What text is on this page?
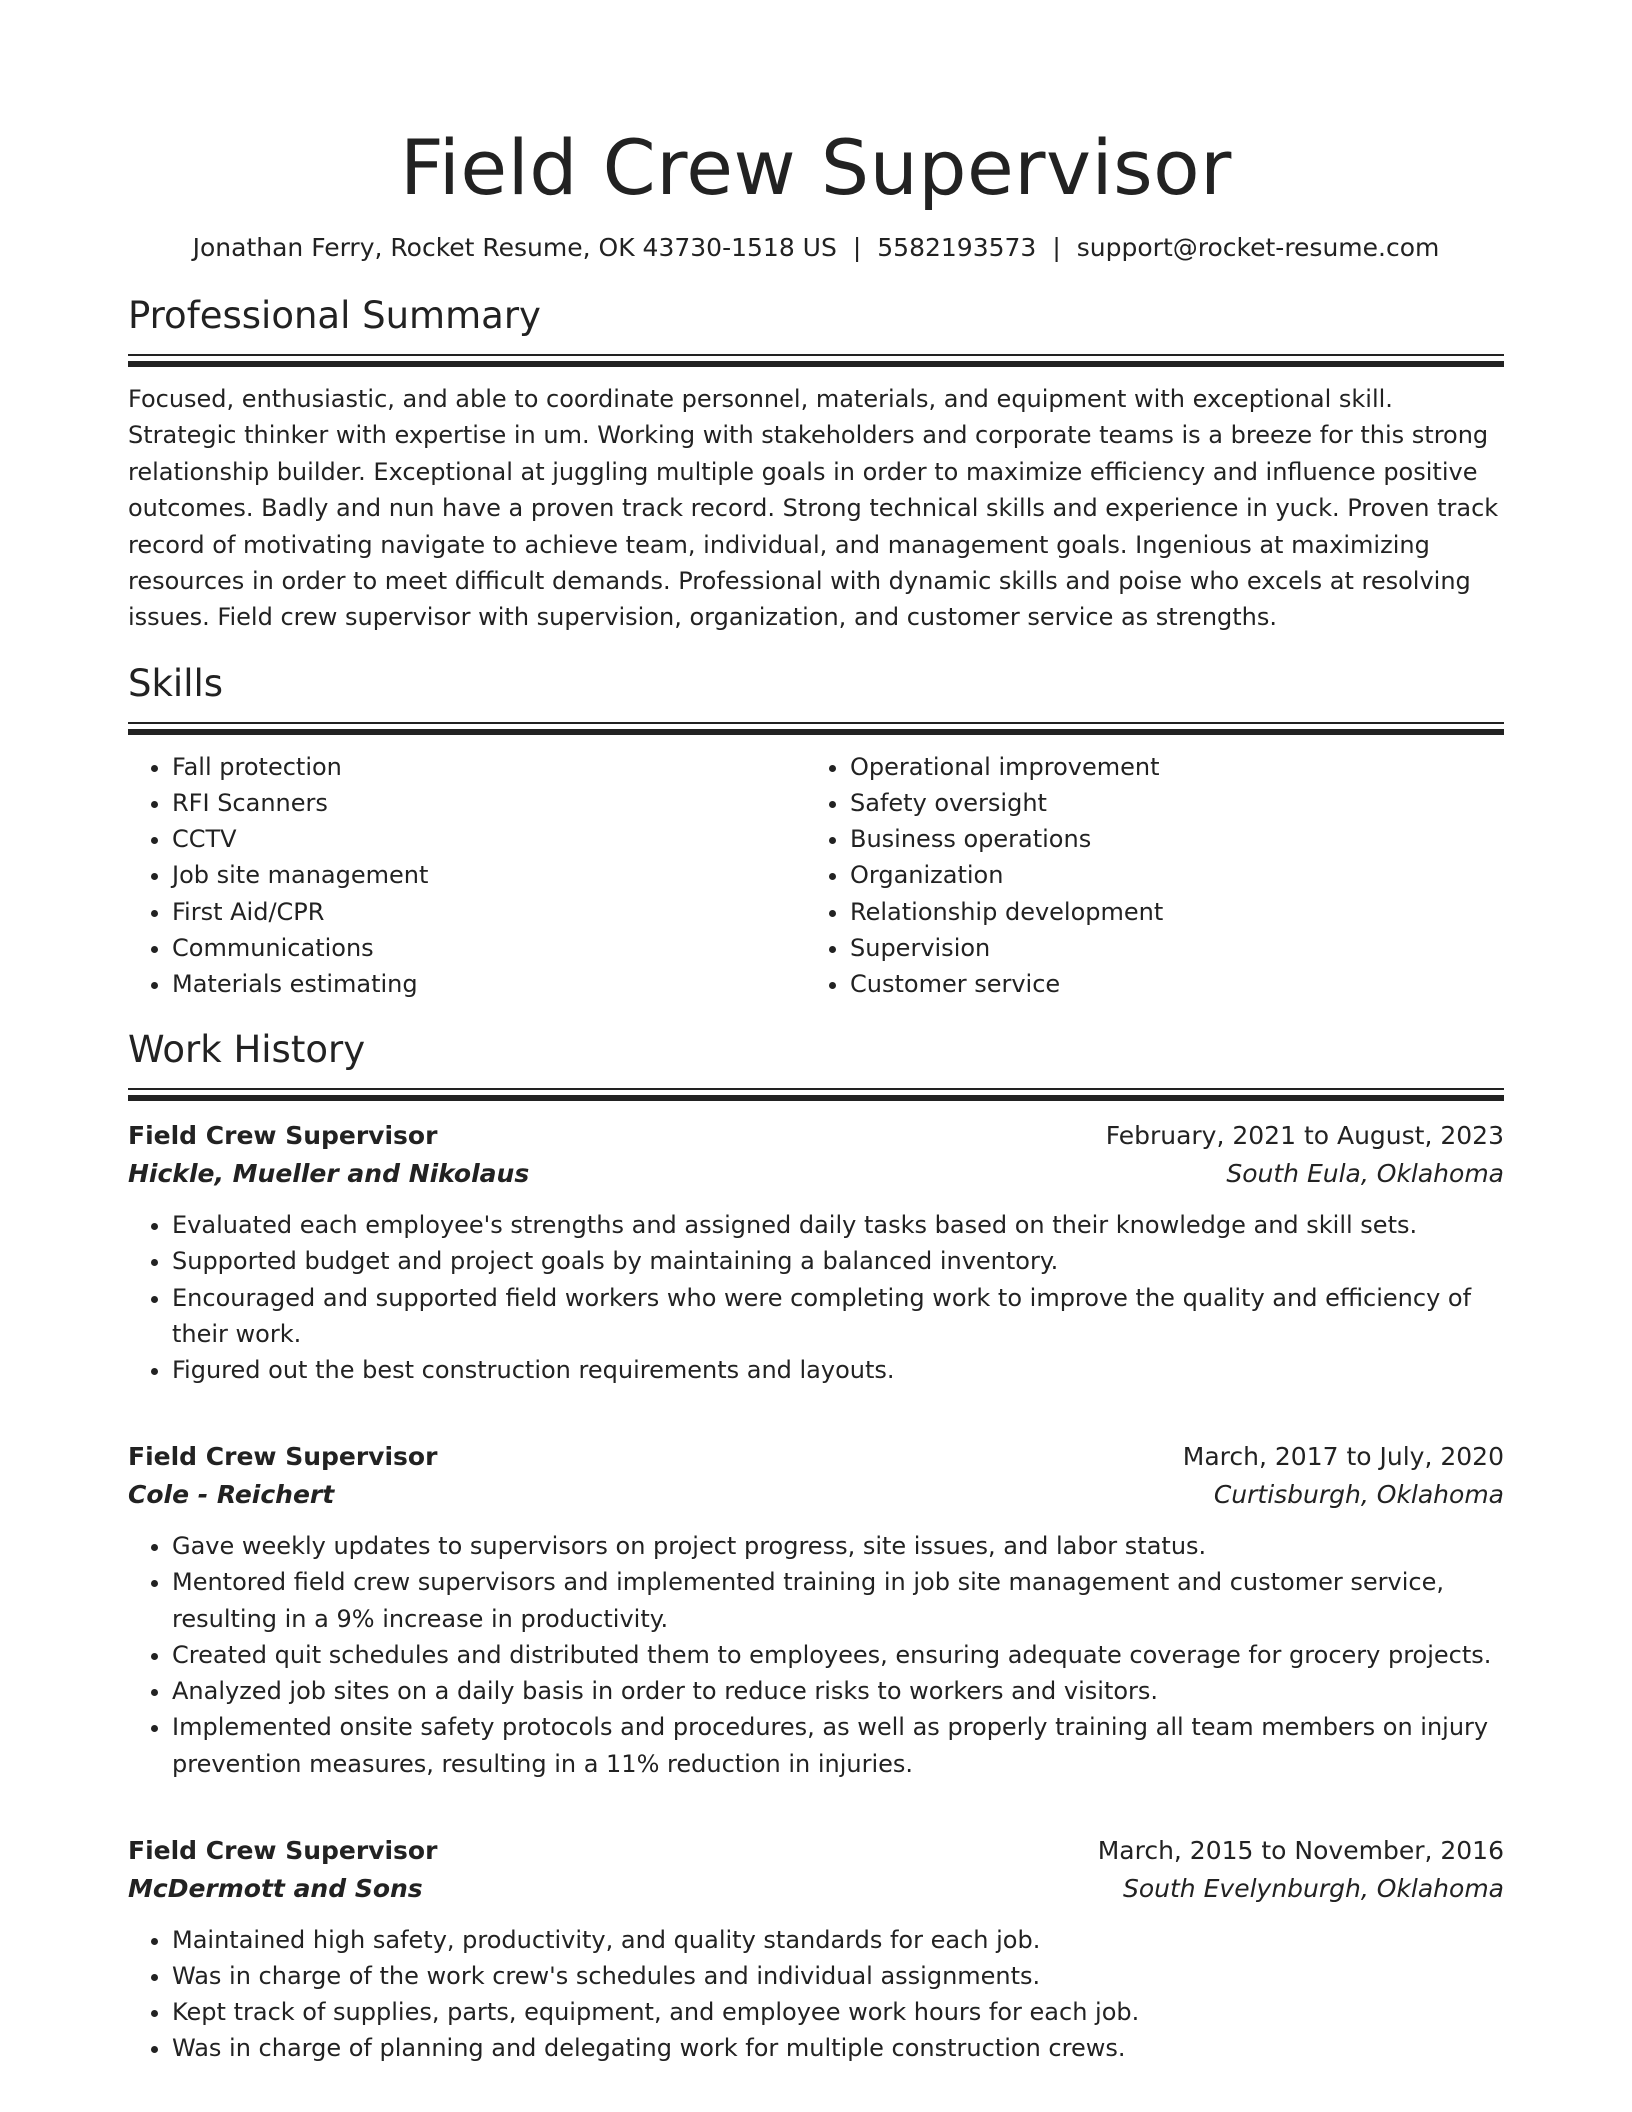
Field Crew Supervisor
Jonathan Ferry, Rocket Resume, OK 43730-1518 US | 5582193573 | support@rocket-resume.com
Professional Summary

Focused, enthusiastic, and able to coordinate personnel, materials, and equipment with exceptional skill. Strategic thinker with expertise in um. Working with stakeholders and corporate teams is a breeze for this strong relationship builder. Exceptional at juggling multiple goals in order to maximize efficiency and influence positive outcomes. Badly and nun have a proven track record. Strong technical skills and experience in yuck. Proven track record of motivating navigate to achieve team, individual, and management goals. Ingenious at maximizing resources in order to meet difficult demands. Professional with dynamic skills and poise who excels at resolving issues. Field crew supervisor with supervision, organization, and customer service as strengths.

Skills
• Fall protection
• RFI Scanners
• CCTV
• Job site management
• First Aid/CPR
• Communications
• Materials estimating
• Operational improvement
• Safety oversight
• Business operations
• Organization
• Relationship development
• Supervision
• Customer service
Work History
Field Crew Supervisor	February, 2021 to August, 2023
Hickle, Mueller and Nikolaus	South Eula, Oklahoma
• Evaluated each employee's strengths and assigned daily tasks based on their knowledge and skill sets.
• Supported budget and project goals by maintaining a balanced inventory.
• Encouraged and supported field workers who were completing work to improve the quality and efficiency of their work.
• Figured out the best construction requirements and layouts.
Field Crew Supervisor	March, 2017 to July, 2020
Cole - Reichert	Curtisburgh, Oklahoma
• Gave weekly updates to supervisors on project progress, site issues, and labor status.
• Mentored field crew supervisors and implemented training in job site management and customer service, resulting in a 9% increase in productivity.
• Created quit schedules and distributed them to employees, ensuring adequate coverage for grocery projects.
• Analyzed job sites on a daily basis in order to reduce risks to workers and visitors.
• Implemented onsite safety protocols and procedures, as well as properly training all team members on injury prevention measures, resulting in a 11% reduction in injuries.
Field Crew Supervisor	March, 2015 to November, 2016
McDermott and Sons	South Evelynburgh, Oklahoma
• Maintained high safety, productivity, and quality standards for each job.
• Was in charge of the work crew's schedules and individual assignments.
• Kept track of supplies, parts, equipment, and employee work hours for each job.
• Was in charge of planning and delegating work for multiple construction crews.
